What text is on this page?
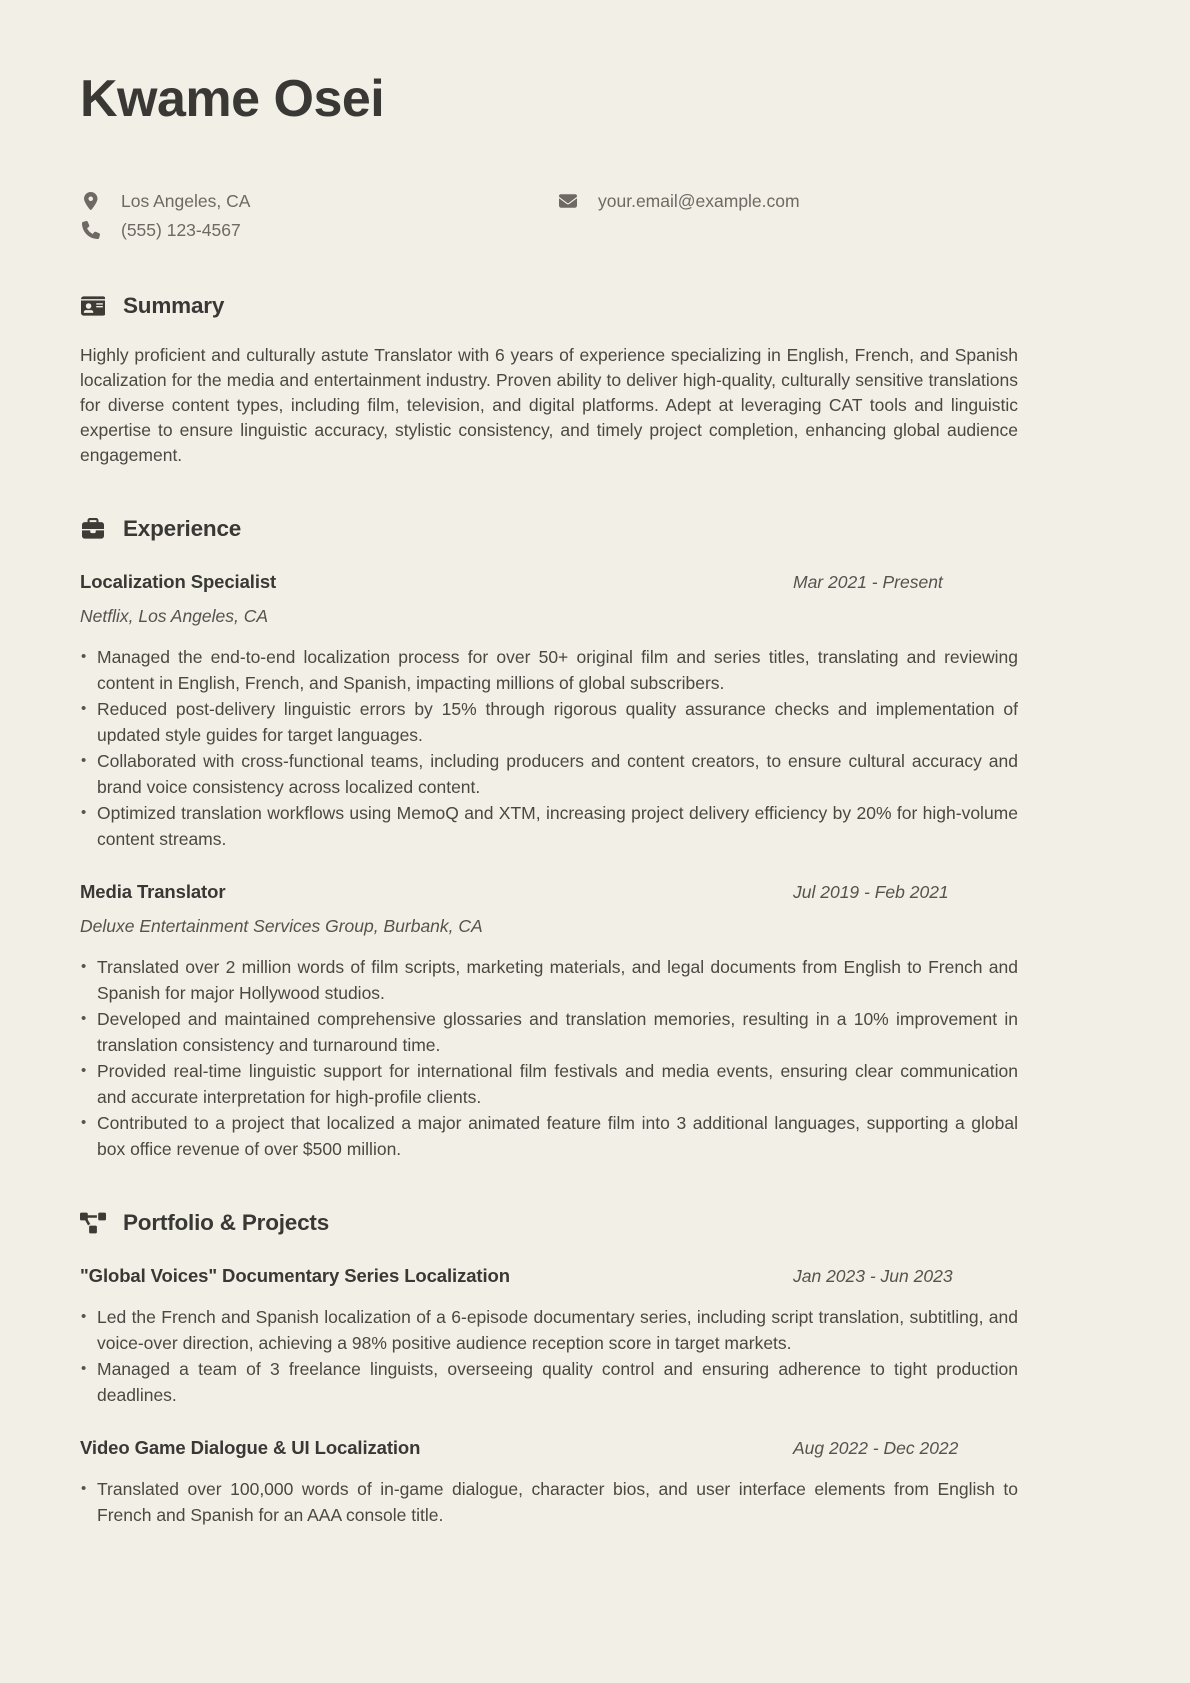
Kwame Osei
Los Angeles, CA	your.email@example.com
(555) 123-4567
Summary

Highly proficient and culturally astute Translator with 6 years of experience specializing in English, French, and Spanish localization for the media and entertainment industry. Proven ability to deliver high-quality, culturally sensitive translations for diverse content types, including film, television, and digital platforms. Adept at leveraging CAT tools and linguistic expertise to ensure linguistic accuracy, stylistic consistency, and timely project completion, enhancing global audience engagement.

Experience
Localization Specialist	Mar 2021 - Present
Netflix, Los Angeles, CA
• Managed the end-to-end localization process for over 50+ original film and series titles, translating and reviewing content in English, French, and Spanish, impacting millions of global subscribers.
• Reduced post-delivery linguistic errors by 15% through rigorous quality assurance checks and implementation of updated style guides for target languages.
• Collaborated with cross-functional teams, including producers and content creators, to ensure cultural accuracy and brand voice consistency across localized content.
• Optimized translation workflows using MemoQ and XTM, increasing project delivery efficiency by 20% for high-volume content streams.
Media Translator	Jul 2019 - Feb 2021
Deluxe Entertainment Services Group, Burbank, CA
• Translated over 2 million words of film scripts, marketing materials, and legal documents from English to French and Spanish for major Hollywood studios.
• Developed and maintained comprehensive glossaries and translation memories, resulting in a 10% improvement in translation consistency and turnaround time.
• Provided real-time linguistic support for international film festivals and media events, ensuring clear communication and accurate interpretation for high-profile clients.
• Contributed to a project that localized a major animated feature film into 3 additional languages, supporting a global box office revenue of over $500 million.
Portfolio & Projects
"Global Voices" Documentary Series Localization	Jan 2023 - Jun 2023
• Led the French and Spanish localization of a 6-episode documentary series, including script translation, subtitling, and voice-over direction, achieving a 98% positive audience reception score in target markets.
• Managed a team of 3 freelance linguists, overseeing quality control and ensuring adherence to tight production deadlines.
Video Game Dialogue & UI Localization	Aug 2022 - Dec 2022
• Translated over 100,000 words of in-game dialogue, character bios, and user interface elements from English to French and Spanish for an AAA console title.
